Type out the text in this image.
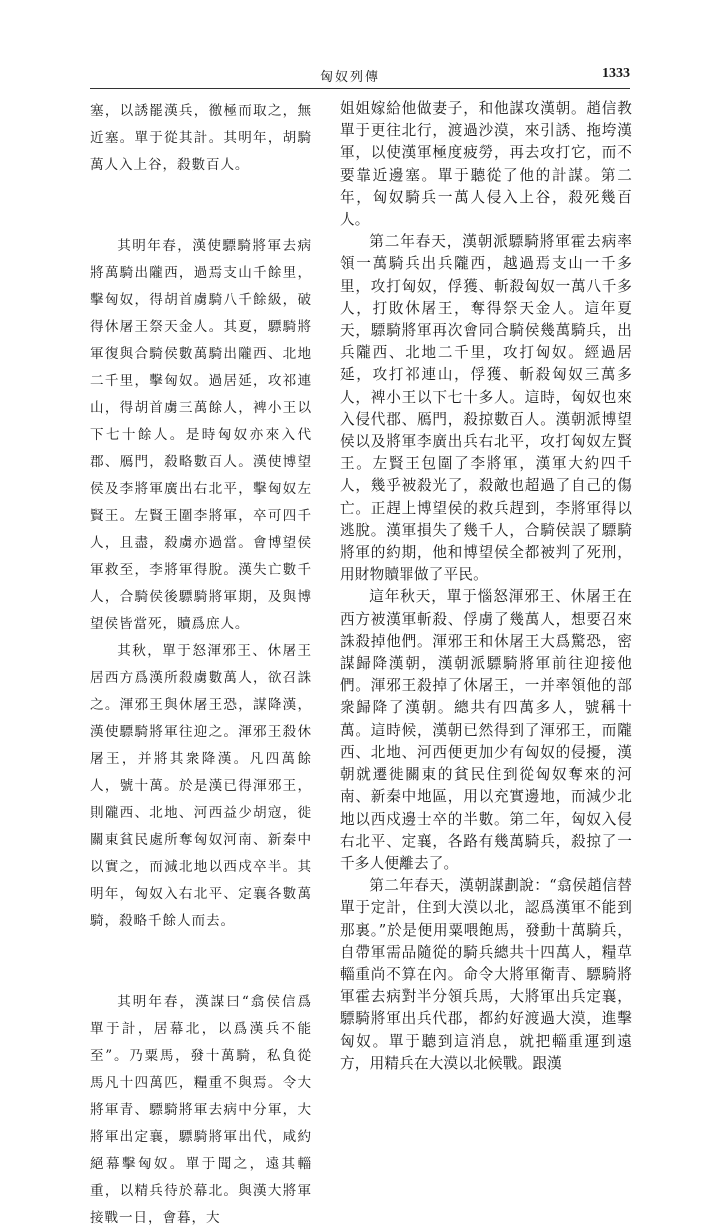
匈奴列傳	1333

塞，以誘罷漢兵，徼極而取之，無近塞。單于從其計。其明年，胡騎萬人入上谷，殺數百人。

其明年春，漢使驃騎將軍去病將萬騎出隴西，過焉支山千餘里，擊匈奴，得胡首虜騎八千餘級，破得休屠王祭天金人。其夏，驃騎將軍復與合騎侯數萬騎出隴西、北地二千里，擊匈奴。過居延，攻祁連山，得胡首虜三萬餘人，裨小王以下七十餘人。是時匈奴亦來入代郡、鴈門，殺略數百人。漢使博望侯及李將軍廣出右北平，擊匈奴左賢王。左賢王圍李將軍，卒可四千人，且盡，殺虜亦過當。會博望侯軍救至，李將軍得脫。漢失亡數千人，合騎侯後驃騎將軍期，及與博望侯皆當死，贖爲庶人。

其秋，單于怒渾邪王、休屠王居西方爲漢所殺虜數萬人，欲召誅之。渾邪王與休屠王恐，謀降漢，漢使驃騎將軍往迎之。渾邪王殺休屠王，并將其衆降漢。凡四萬餘人，號十萬。於是漢已得渾邪王，則隴西、北地、河西益少胡寇，徙關東貧民處所奪匈奴河南、新秦中以實之，而減北地以西戍卒半。其明年，匈奴入右北平、定襄各數萬騎，殺略千餘人而去。

其明年春，漢謀曰“翕侯信爲單于計，居幕北，以爲漢兵不能至”。乃粟馬，發十萬騎，私負從馬凡十四萬匹，糧重不與焉。令大將軍青、驃騎將軍去病中分軍，大將軍出定襄，驃騎將軍出代，咸約絕幕擊匈奴。單于聞之，遠其輜重，以精兵待於幕北。與漢大將軍接戰一日，會暮，大

姐姐嫁給他做妻子，和他謀攻漢朝。趙信教單于更往北行，渡過沙漠，來引誘、拖垮漢軍，以使漢軍極度疲勞，再去攻打它，而不要靠近邊塞。單于聽從了他的計謀。第二年，匈奴騎兵一萬人侵入上谷，殺死幾百人。

第二年春天，漢朝派驃騎將軍霍去病率領一萬騎兵出兵隴西，越過焉支山一千多里，攻打匈奴，俘獲、斬殺匈奴一萬八千多人，打敗休屠王，奪得祭天金人。這年夏天，驃騎將軍再次會同合騎侯幾萬騎兵，出兵隴西、北地二千里，攻打匈奴。經過居延，攻打祁連山，俘獲、斬殺匈奴三萬多人，裨小王以下七十多人。這時，匈奴也來入侵代郡、鴈門，殺掠數百人。漢朝派博望侯以及將軍李廣出兵右北平，攻打匈奴左賢王。左賢王包圍了李將軍，漢軍大約四千人，幾乎被殺光了，殺敵也超過了自己的傷亡。正趕上博望侯的救兵趕到，李將軍得以逃脫。漢軍損失了幾千人，合騎侯誤了驃騎將軍的約期，他和博望侯全都被判了死刑，用財物贖罪做了平民。

這年秋天，單于惱怒渾邪王、休屠王在西方被漢軍斬殺、俘虜了幾萬人，想要召來誅殺掉他們。渾邪王和休屠王大爲驚恐，密謀歸降漢朝，漢朝派驃騎將軍前往迎接他們。渾邪王殺掉了休屠王，一并率領他的部衆歸降了漢朝。總共有四萬多人，號稱十萬。這時候，漢朝已然得到了渾邪王，而隴西、北地、河西便更加少有匈奴的侵擾，漢朝就遷徙關東的貧民住到從匈奴奪來的河南、新秦中地區，用以充實邊地，而減少北地以西戍邊士卒的半數。第二年，匈奴入侵右北平、定襄，各路有幾萬騎兵，殺掠了一千多人便離去了。

第二年春天，漢朝謀劃說：“翕侯趙信替單于定計，住到大漠以北，認爲漢軍不能到那裏。”於是便用粟喂飽馬，發動十萬騎兵，自帶軍需品隨從的騎兵總共十四萬人，糧草輜重尚不算在內。命令大將軍衛青、驃騎將軍霍去病對半分領兵馬，大將軍出兵定襄，驃騎將軍出兵代郡，都約好渡過大漠，進擊匈奴。單于聽到這消息，就把輜重運到遠方，用精兵在大漠以北候戰。跟漢
